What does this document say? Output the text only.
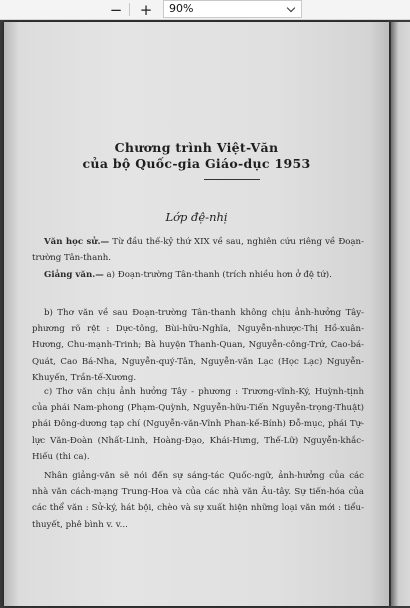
− + 90%
Chương trình Việt-Văn
của bộ Quốc-gia Giáo-dục 1953
Lớp đệ-nhị

Văn học sử.— Từ đầu thế-kỷ thứ XIX về sau, nghiên cứu riêng về Đoạn-trường Tân-thanh.

Giảng văn.— a) Đoạn-trường Tân-thanh (trích nhiều hơn ở đệ tứ).

b) Thơ văn về sau Đoạn-trường Tân-thanh không chịu ảnh-hưởng Tây-phương rõ rệt : Dực-tông, Bùi-hữu-Nghĩa, Nguyễn-nhược-Thị Hồ-xuân-Hương, Chu-mạnh-Trinh; Bà huyện Thanh-Quan, Nguyễn-công-Trứ, Cao-bá-Quát, Cao Bá-Nha, Nguyễn-quý-Tân, Nguyễn-văn Lạc (Học Lạc) Nguyễn-Khuyến, Trần-tế-Xương.

c) Thơ văn chịu ảnh hưởng Tây - phương : Trương-vĩnh-Ký, Huỳnh-tịnh của phái Nam-phong (Phạm-Quỳnh, Nguyễn-hữu-Tiến Nguyễn-trọng-Thuật) phái Đông-dương tạp chí (Nguyễn-văn-Vĩnh Phan-kế-Bính) Đỗ-mục, phái Tự-lực Văn-Đoàn (Nhất-Linh, Hoàng-Đạo, Khái-Hưng, Thế-Lữ) Nguyễn-khắc-Hiếu (thi ca).

Nhân giảng-văn sẽ nói đến sự sáng-tác Quốc-ngữ, ảnh-hưởng của các nhà văn cách-mạng Trung-Hoa và của các nhà văn Âu-tây. Sự tiến-hóa của các thể văn : Sử-ký, hát bội, chèo và sự xuất hiện những loại văn mới : tiểu-thuyết, phê bình v. v...
